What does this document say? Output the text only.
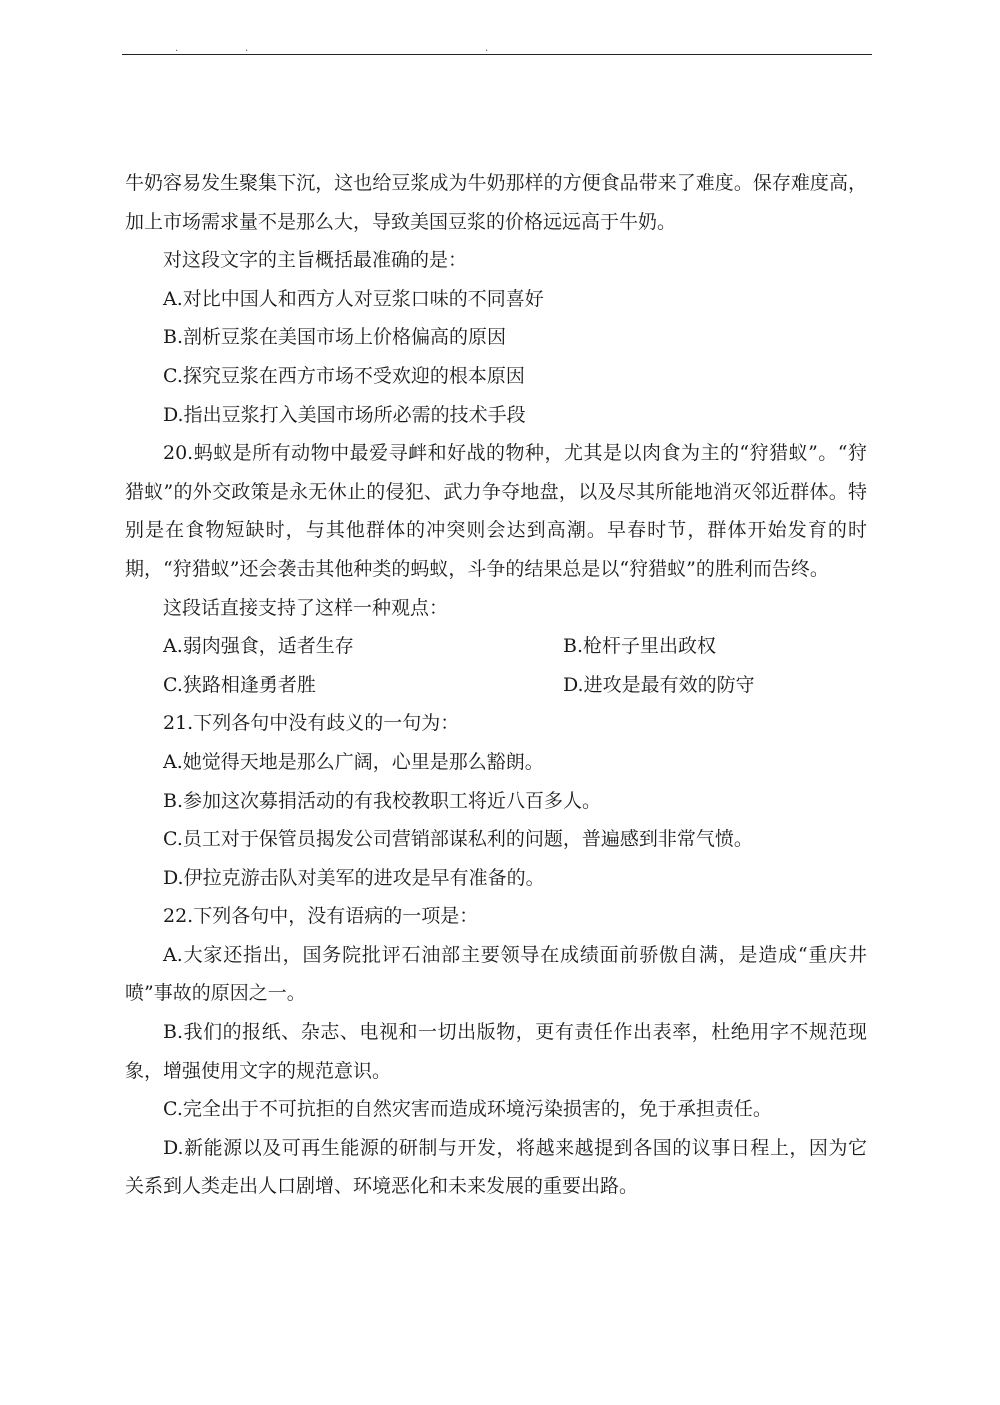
.	.	.

牛奶容易发生聚集下沉，这也给豆浆成为牛奶那样的方便食品带来了难度。保存难度高，加上市场需求量不是那么大，导致美国豆浆的价格远远高于牛奶。

对这段文字的主旨概括最准确的是：

A.对比中国人和西方人对豆浆口味的不同喜好

B.剖析豆浆在美国市场上价格偏高的原因

C.探究豆浆在西方市场不受欢迎的根本原因

D.指出豆浆打入美国市场所必需的技术手段

20.蚂蚁是所有动物中最爱寻衅和好战的物种，尤其是以肉食为主的“狩猎蚁”。“狩猎蚁”的外交政策是永无休止的侵犯、武力争夺地盘，以及尽其所能地消灭邻近群体。特别是在食物短缺时，与其他群体的冲突则会达到高潮。早春时节，群体开始发育的时期，“狩猎蚁”还会袭击其他种类的蚂蚁，斗争的结果总是以“狩猎蚁”的胜利而告终。

这段话直接支持了这样一种观点：

A.弱肉强食，适者生存	B.枪杆子里出政权
C.狭路相逢勇者胜	D.进攻是最有效的防守

21.下列各句中没有歧义的一句为：

A.她觉得天地是那么广阔，心里是那么豁朗。

B.参加这次募捐活动的有我校教职工将近八百多人。

C.员工对于保管员揭发公司营销部谋私利的问题，普遍感到非常气愤。

D.伊拉克游击队对美军的进攻是早有准备的。

22.下列各句中，没有语病的一项是：

A.大家还指出，国务院批评石油部主要领导在成绩面前骄傲自满，是造成“重庆井喷”事故的原因之一。

B.我们的报纸、杂志、电视和一切出版物，更有责任作出表率，杜绝用字不规范现象，增强使用文字的规范意识。

C.完全出于不可抗拒的自然灾害而造成环境污染损害的，免于承担责任。

D.新能源以及可再生能源的研制与开发，将越来越提到各国的议事日程上，因为它关系到人类走出人口剧增、环境恶化和未来发展的重要出路。
